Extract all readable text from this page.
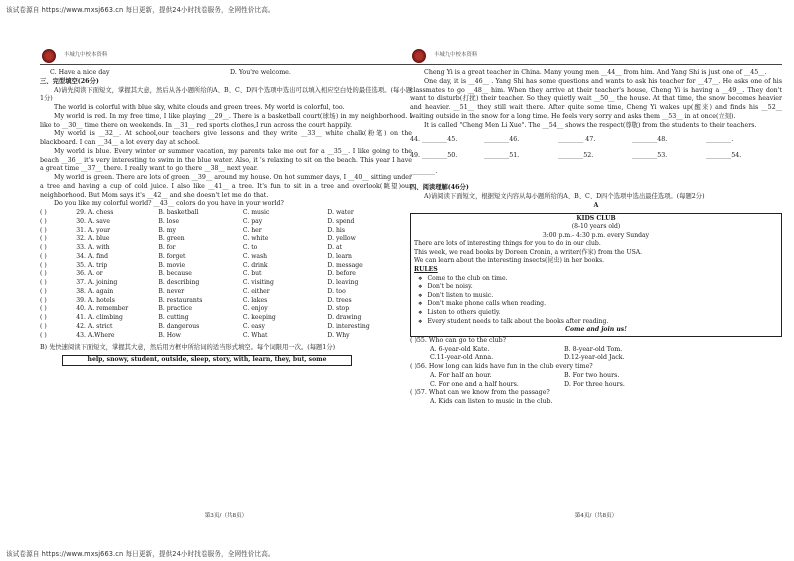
该试卷源自 https://www.mxsj663.cn 每日更新，提供24小时找卷服务，全网性价比高。
丰城九中校本资料
C. Have a nice day	D. You're welcome.

三、完型填空(26分)

A)请先阅读下面短文，掌握其大意，然后从各小题所给的A、B、C、D四个选项中选出可以填入相应空白处的最佳选项。(每小题1分)

The world is colorful with blue sky, white clouds and green trees. My world is colorful, too.

My world is red. In my free time, I like playing __29__. There is a basketball court(球场) in my neighborhood. I like to __30__ time there on weekends. In __31__ red sports clothes,I run across the court happily.

My world is __32__. At school,our teachers give lessons and they write __33__ white chalk(粉笔) on the blackboard. I can __34__ a lot every day at school.

My world is blue. Every winter or summer vacation, my parents take me out for a __35__. I like going to the beach __36__ it's very interesting to swim in the blue water. Also, it 's relaxing to sit on the beach. This year I have a great time __37__ there. I really want to go there __38__ next year.

My world is green. There are lots of green __39__ around my house. On hot summer days, I __40__ sitting under a tree and having a cup of cold juice. I also like __41__ a tree. It's fun to sit in a tree and overlook(眺望)our neighborhood. But Mom says it's __42__ and she doesn't let me do that.

Do you like my colorful world? __43__ colors do you have in your world?

( )	29. A. chess	B. basketball	C. music	D. water
( )	30. A. save	B. lose	C. pay	D. spend
( )	31. A. your	B. my	C. her	D. his
( )	32. A. blue	B. green	C. white	D. yellow
( )	33. A. with	B. for	C. to	D. at
( )	34. A. find	B. forget	C. wash	D. learn
( )	35. A. trip	B. movie	C. drink	D. message
( )	36. A. or	B. because	C. but	D. before
( )	37. A. joining	B. describing	C. visiting	D. leaving
( )	38. A. again	B. never	C. either	D. too
( )	39. A. hotels	B. restaurants	C. lakes	D. trees
( )	40. A. remember	B. practice	C. enjoy	D. stop
( )	41. A. climbing	B. cutting	C. keeping	D. drawing
( )	42. A. strict	B. dangerous	C. easy	D. interesting
( )	43. A.Where	B. How	C. What	D. Why

B) 先快速阅读下面短文，掌握其大意，然后用方框中所给词的适当形式填空。每个词限用一次。(每题1分)

help, snowy, student, outside, sleep, story, with, learn, they, but, some
第3页/（共8页）
丰城九中校本资料

Cheng Yi is a great teacher in China. Many young men __44__ from him. And Yang Shi is just one of __45__.

One day, it is __46__ . Yang Shi has some questions and wants to ask his teacher for __47__. He asks one of his classmates to go __48__ him. When they arrive at their teacher's house, Cheng Yi is having a __49__. They don't want to disturb(打扰) their teacher. So they quietly wait __50__ the house. At that time, the snow becomes heavier and heavier. __51__ they still wait there. After quite some time, Cheng Yi wakes up(醒来) and finds his __52__ waiting outside in the snow for a long time. He feels very sorry and asks them __53__ in at once(立刻).

It is called "Cheng Men Li Xue". The __54__ shows the respect(尊敬) from the students to their teachers.

44. ________45.	________46.	________ 47.	________48.	________.
49. ________50.	________51.	________52.	________53.	________54.
________.

四、阅读理解(46分)

A)请阅读下面短文，根据短文内容从每小题所给的A、B、C、D四个选项中选出最佳选项。(每题2分)

A
KIDS CLUB
(8-10 years old)
3:00 p.m.- 4:30 p.m. every Sunday
There are lots of interesting things for you to do in our club.
This week, we read books by Doreen Cronin, a writer(作家) from the USA.
We can learn about the interesting insects(昆虫) in her books.
RULES
❖ Come to the club on time.
❖ Don't be noisy.
❖ Don't listen to music.
❖ Don't make phone calls when reading.
❖ Listen to others quietly.
❖ Every student needs to talk about the books after reading.
Come and join us!
( )55. Who can go to the club?
A. 6-year-old Kate.	B. 8-year-old Tom.
C.11-year-old Anna.	D.12-year-old Jack.
( )56. How long can kids have fun in the club every time?
A. For half an hour.	B. For two hours.
C. For one and a half hours.	D. For three hours.
( )57. What can we know from the passage?
A. Kids can listen to music in the club.
第4页/（共8页）
该试卷源自 https://www.mxsj663.cn 每日更新，提供24小时找卷服务，全网性价比高。
